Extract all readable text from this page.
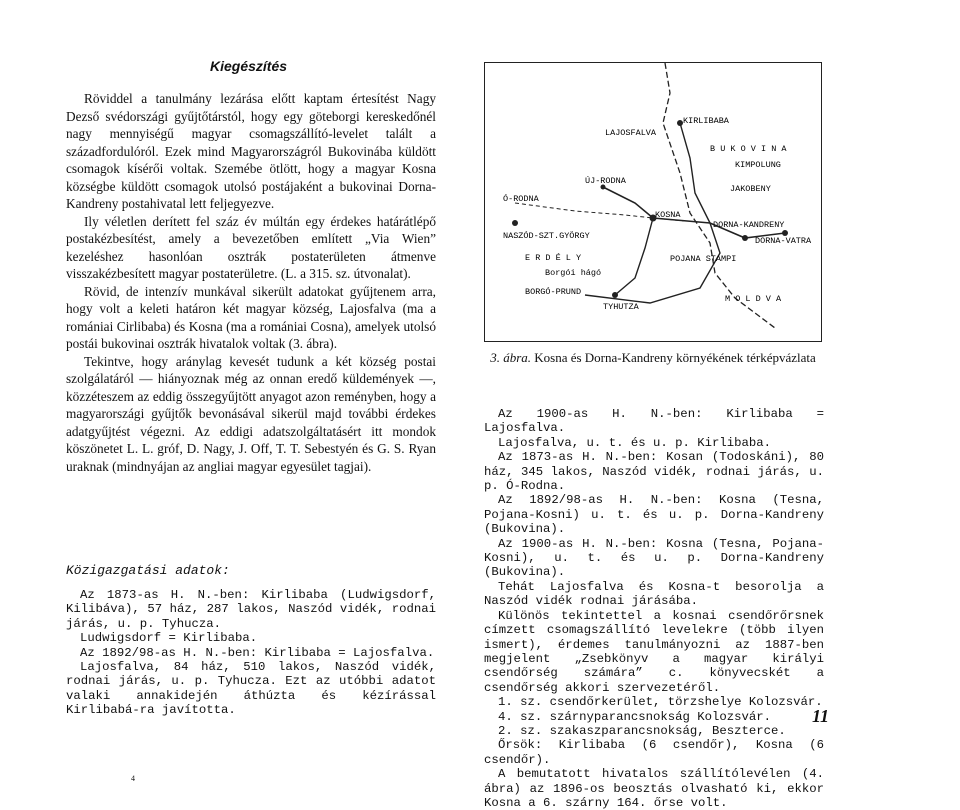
Kiegészítés

Röviddel a tanulmány lezárása előtt kaptam értesítést Nagy Dezső svédországi gyűjtőtárstól, hogy egy göteborgi kereskedőnél nagy mennyiségű magyar csomagszállító-levelet talált a századfordulóról. Ezek mind Magyarországról Bukovinába küldött csomagok kísérői voltak. Szemébe ötlött, hogy a magyar Kosna községbe küldött csomagok utolsó postájaként a bukovinai Dorna-Kandreny postahivatal lett feljegyezve.

Ily véletlen derített fel száz év múltán egy érdekes határátlépő postakézbesítést, amely a bevezetőben említett „Via Wien” kezeléshez hasonlóan osztrák postaterületen átmenve visszakézbesített magyar postaterületre. (L. a 315. sz. útvonalat).

Rövid, de intenzív munkával sikerült adatokat gyűjtenem arra, hogy volt a keleti határon két magyar község, Lajosfalva (ma a romániai Cirlibaba) és Kosna (ma a romániai Cosna), amelyek utolsó postái bukovinai osztrák hivatalok voltak (3. ábra).

Tekintve, hogy aránylag kevesét tudunk a két község postai szolgálatáról — hiányoznak még az onnan eredő küldemények —, közzéteszem az eddig összegyűjtött anyagot azon reményben, hogy a magyarországi gyűjtők bevonásával sikerül majd további érdekes adatgyűjtést végezni. Az eddigi adatszolgáltatásért itt mondok köszönetet L. L. gróf, D. Nagy, J. Off, T. T. Sebestyén és G. S. Ryan uraknak (mindnyájan az angliai magyar egyesület tagjai).

Közigazgatási adatok:

Az 1873-as H. N.-ben: Kirlibaba (Ludwigsdorf, Kilibáva), 57 ház, 287 lakos, Naszód vidék, rodnai járás, u. p. Tyhucza.

Ludwigsdorf = Kirlibaba.

Az 1892/98-as H. N.-ben: Kirlibaba = Lajosfalva.

Lajosfalva, 84 ház, 510 lakos, Naszód vidék, rodnai járás, u. p. Tyhucza. Ezt az utóbbi adatot valaki annakidején áthúzta és kézírással Kirlibabá-ra javította.

LAJOSFALVA
KIRLIBABA
B U K O V I N A
KIMPOLUNG
JAKOBENY
ÚJ-RODNA
Ó-RODNA
KOSNA
DORNA-KANDRENY
DORNA-VATRA
NASZÓD-SZT.GYÖRGY
E R D É L Y	POJANA STAMPI
Borgói hágó
BORGÓ-PRUND
M O L D V A
TYHUTZA
3. ábra. Kosna és Dorna-Kandreny környékének térképvázlata

Az 1900-as H. N.-ben: Kirlibaba = Lajosfalva.

Lajosfalva, u. t. és u. p. Kirlibaba.

Az 1873-as H. N.-ben: Kosan (Todoskáni), 80 ház, 345 lakos, Naszód vidék, rodnai járás, u. p. Ó-Rodna.

Az 1892/98-as H. N.-ben: Kosna (Tesna, Pojana-Kosni) u. t. és u. p. Dorna-Kandreny (Bukovina).

Az 1900-as H. N.-ben: Kosna (Tesna, Pojana-Kosni), u. t. és u. p. Dorna-Kandreny (Bukovina).

Tehát Lajosfalva és Kosna-t besorolja a Naszód vidék rodnai járásába.

Különös tekintettel a kosnai csendőrőrsnek címzett csomagszállító levelekre (több ilyen ismert), érdemes tanulmányozni az 1887-ben megjelent „Zsebkönyv a magyar királyi csendőrség számára” c. könyvecskét a csendőrség akkori szervezetéről.

1. sz. csendőrkerület, törzshelye Kolozsvár.

4. sz. szárnyparancsnokság Kolozsvár.

2. sz. szakaszparancsnokság, Beszterce.

Őrsök: Kirlibaba (6 csendőr), Kosna (6 csendőr).

A bemutatott hivatalos szállítólevélen (4. ábra) az 1896-os beosztás olvasható ki, ekkor Kosna a 6. szárny 164. őrse volt.

11
4
